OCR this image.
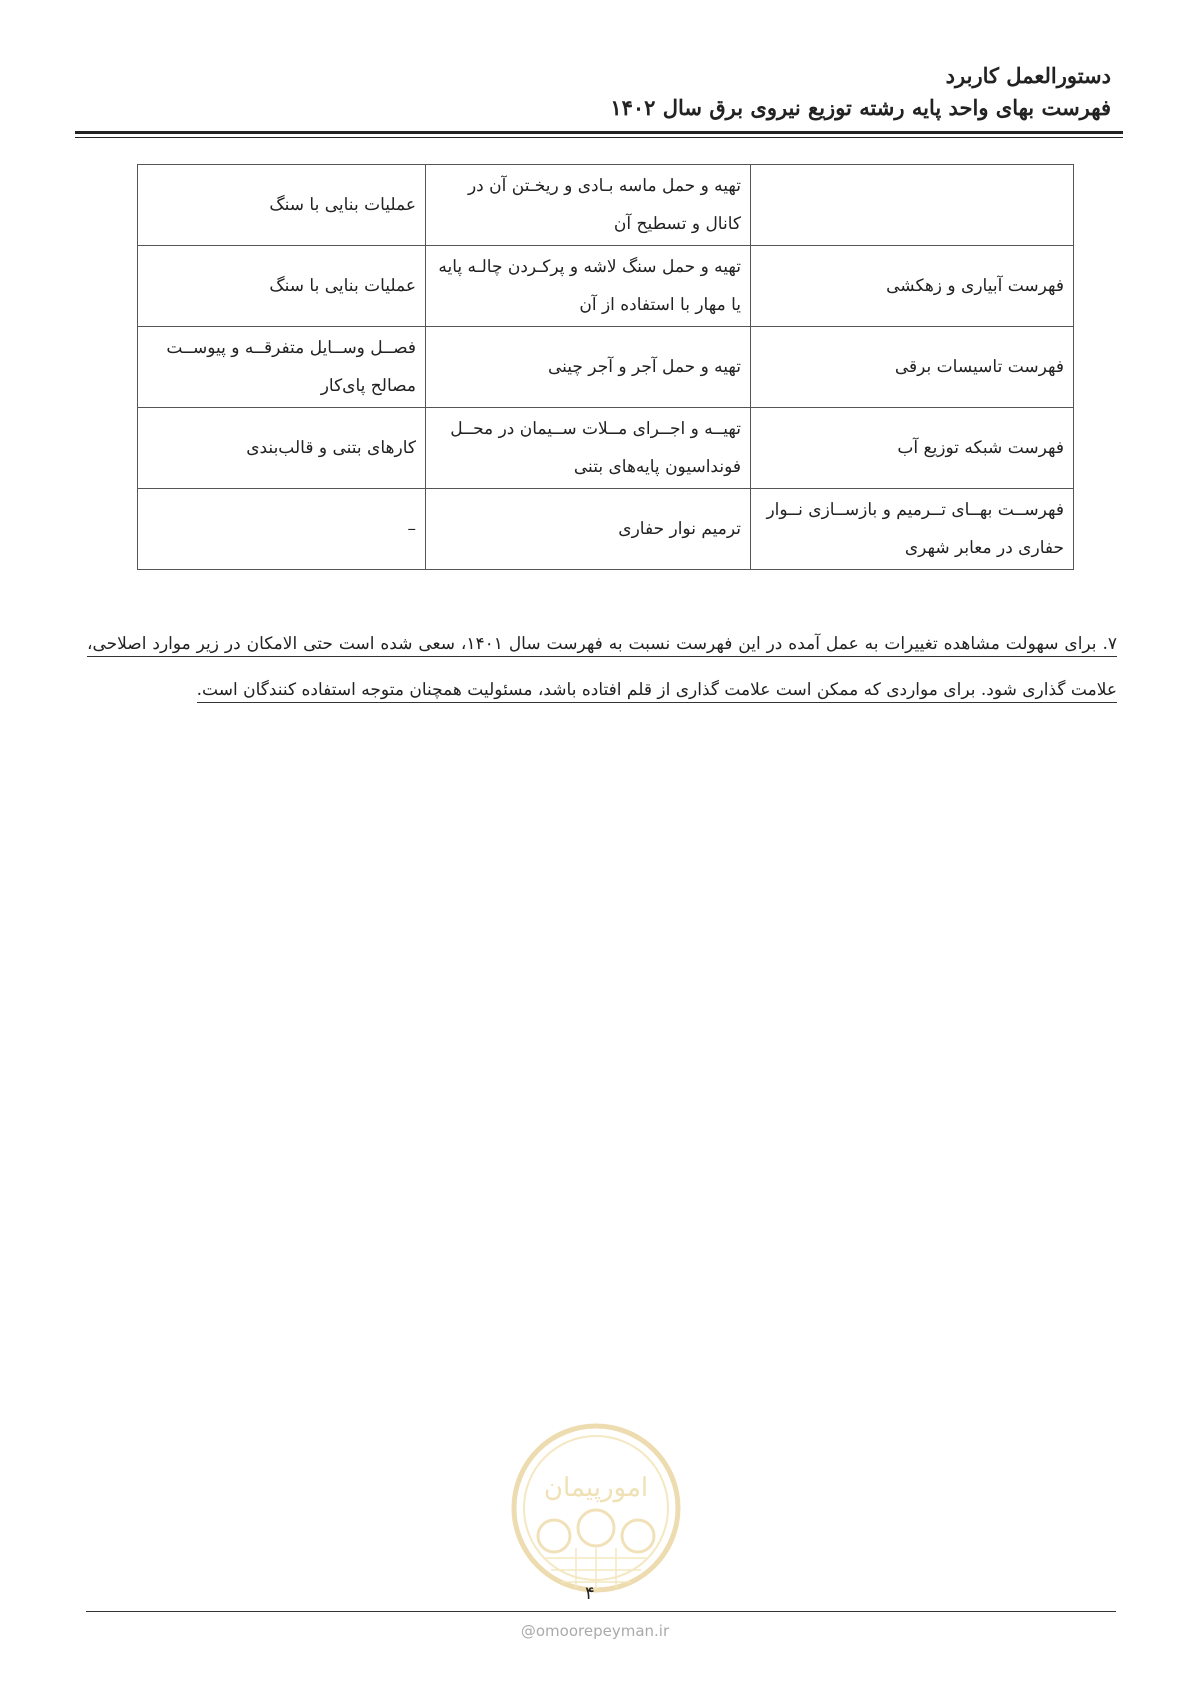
دستورالعمل کاربرد
فهرست بهای واحد پایه رشته توزیع نیروی برق سال ۱۴۰۲
	تهیه و حمل ماسه بـادی و ریخـتن آن در کانال و تسطیح آن	عملیات بنایی با سنگ
فهرست آبیاری و زهکشی	تهیه و حمل سنگ لاشه و پرکـردن چالـه پایه یا مهار با استفاده از آن	عملیات بنایی با سنگ
فهرست تاسیسات برقی	تهیه و حمل آجر و آجر چینی	فصــل وســایل متفرقــه و پیوســت مصالح پای‌کار
فهرست شبکه توزیع آب	تهیــه و اجــرای مــلات ســیمان در محــل فونداسیون پایه‌های بتنی	کارهای بتنی و قالب‌بندی
فهرســت بهــای تــرمیم و بازســازی نــوار حفاری در معابر شهری	ترمیم نوار حفاری	–
۷. برای سهولت مشاهده تغییرات به عمل آمده در این فهرست نسبت به فهرست سال ۱۴۰۱، سعی شده است حتی الامکان در زیر موارد اصلاحی، علامت گذاری شود. برای مواردی که ممکن است علامت گذاری از قلم افتاده باشد، مسئولیت همچنان متوجه استفاده کنندگان است.
امورپیمان
۴
@omoorepeyman.ir
